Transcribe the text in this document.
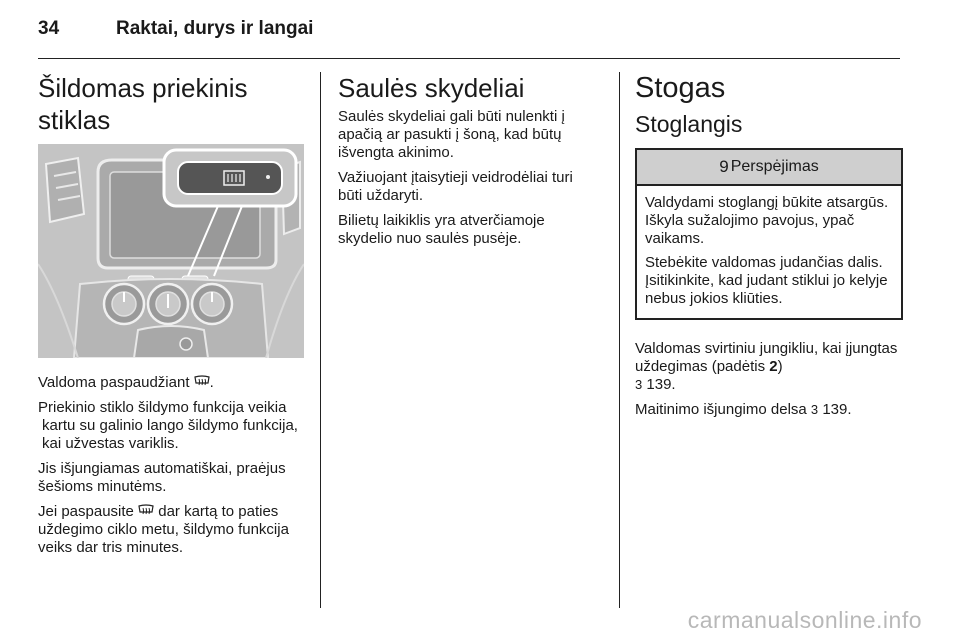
34	Raktai, durys ir langai
Šildomas priekinis stiklas

Valdoma paspaudžiant .

Priekinio stiklo šildymo funkcija veikia kartu su galinio lango šildymo funkcija, kai užvestas variklis.

Jis išjungiamas automatiškai, praėjus šešioms minutėms.

Jei paspausite  dar kartą to paties uždegimo ciklo metu, šildymo funkcija veiks dar tris minutes.

Saulės skydeliai

Saulės skydeliai gali būti nulenkti į apačią ar pasukti į šoną, kad būtų išvengta akinimo.

Važiuojant įtaisytieji veidrodėliai turi būti uždaryti.

Bilietų laikiklis yra atverčiamoje skydelio nuo saulės pusėje.

Stogas
Stoglangis
9 Perspėjimas

Valdydami stoglangį būkite atsargūs. Iškyla sužalojimo pavojus, ypač vaikams.

Stebėkite valdomas judančias dalis. Įsitikinkite, kad judant stiklui jo kelyje nebus jokios kliūties.

Valdomas svirtiniu jungikliu, kai įjungtas uždegimas (padėtis 2)
3 139.

Maitinimo išjungimo delsa 3 139.

carmanualsonline.info
